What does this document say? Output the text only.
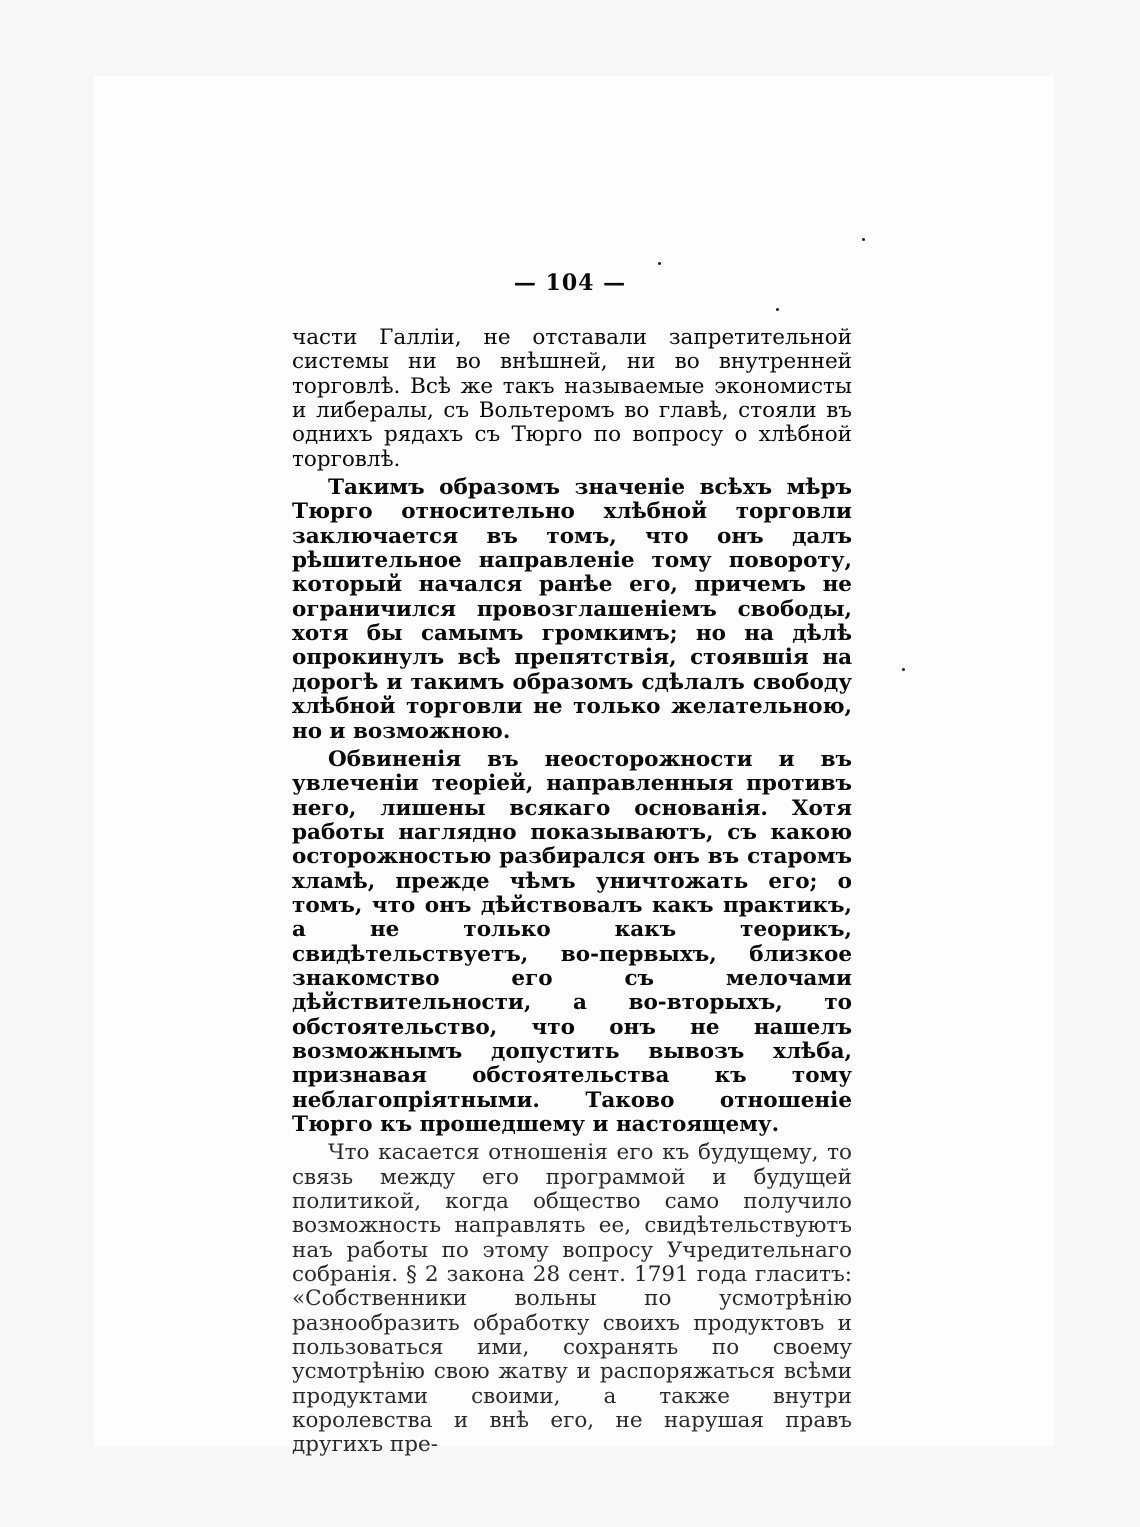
— 104 —

части Галліи, не отставали запретительной системы ни во внѣшней, ни во внутренней торговлѣ. Всѣ же такъ называемые экономисты и либералы, съ Вольтеромъ во главѣ, стояли въ однихъ рядахъ съ Тюрго по вопросу о хлѣбной торговлѣ.

Такимъ образомъ значеніе всѣхъ мѣръ Тюрго относительно хлѣбной торговли заключается въ томъ, что онъ далъ рѣшительное направленіе тому повороту, который начался ранѣе его, причемъ не ограничился провозглашеніемъ свободы, хотя бы самымъ громкимъ; но на дѣлѣ опрокинулъ всѣ препятствія, стоявшія на дорогѣ и такимъ образомъ сдѣлалъ свободу хлѣбной торговли не только желательною, но и возможною.

Обвиненія въ неосторожности и въ увлеченіи теоріей, направленныя противъ него, лишены всякаго основанія. Хотя работы наглядно показываютъ, съ какою осторожностью разбирался онъ въ старомъ хламѣ, прежде чѣмъ уничтожать его; о томъ, что онъ дѣйствовалъ какъ практикъ, а не только какъ теорикъ, свидѣтельствуетъ, во-первыхъ, близкое знакомство его съ мелочами дѣйствительности, а во-вторыхъ, то обстоятельство, что онъ не нашелъ возможнымъ допустить вывозъ хлѣба, признавая обстоятельства къ тому неблагопріятными. Таково отношеніе Тюрго къ прошедшему и настоящему.

Что касается отношенія его къ будущему, то связь между его программой и будущей политикой, когда общество само получило возможность направлять ее, свидѣтельствуютъ наъ работы по этому вопросу Учредительнаго собранія. § 2 закона 28 сент. 1791 года гласитъ: «Собственники вольны по усмотрѣнію разнообразить обработку своихъ продуктовъ и пользоваться ими, сохранять по своему усмотрѣнію свою жатву и распоряжаться всѣми продуктами своими, а также внутри королевства и внѣ его, не нарушая правъ другихъ пре-
